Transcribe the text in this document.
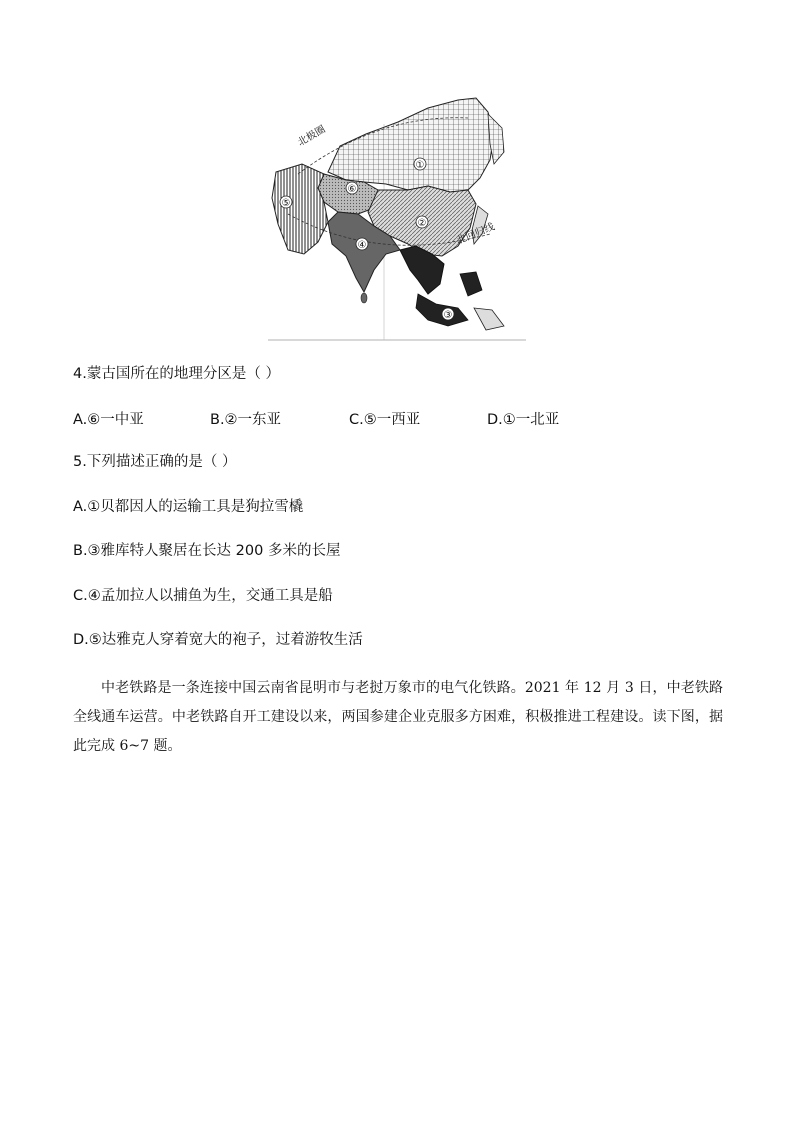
北极圈
北回归线
①
②
③
④
⑤
⑥
4.蒙古国所在的地理分区是（ ）
A.⑥一中亚	B.②一东亚	C.⑤一西亚	D.①一北亚
5.下列描述正确的是（ ）
A.①贝都因人的运输工具是狗拉雪橇
B.③雅库特人聚居在长达 200 多米的长屋
C.④孟加拉人以捕鱼为生，交通工具是船
D.⑤达雅克人穿着宽大的袍子，过着游牧生活

中老铁路是一条连接中国云南省昆明市与老挝万象市的电气化铁路。2021 年 12 月 3 日，中老铁路全线通车运营。中老铁路自开工建设以来，两国参建企业克服多方困难，积极推进工程建设。读下图，据此完成 6~7 题。
